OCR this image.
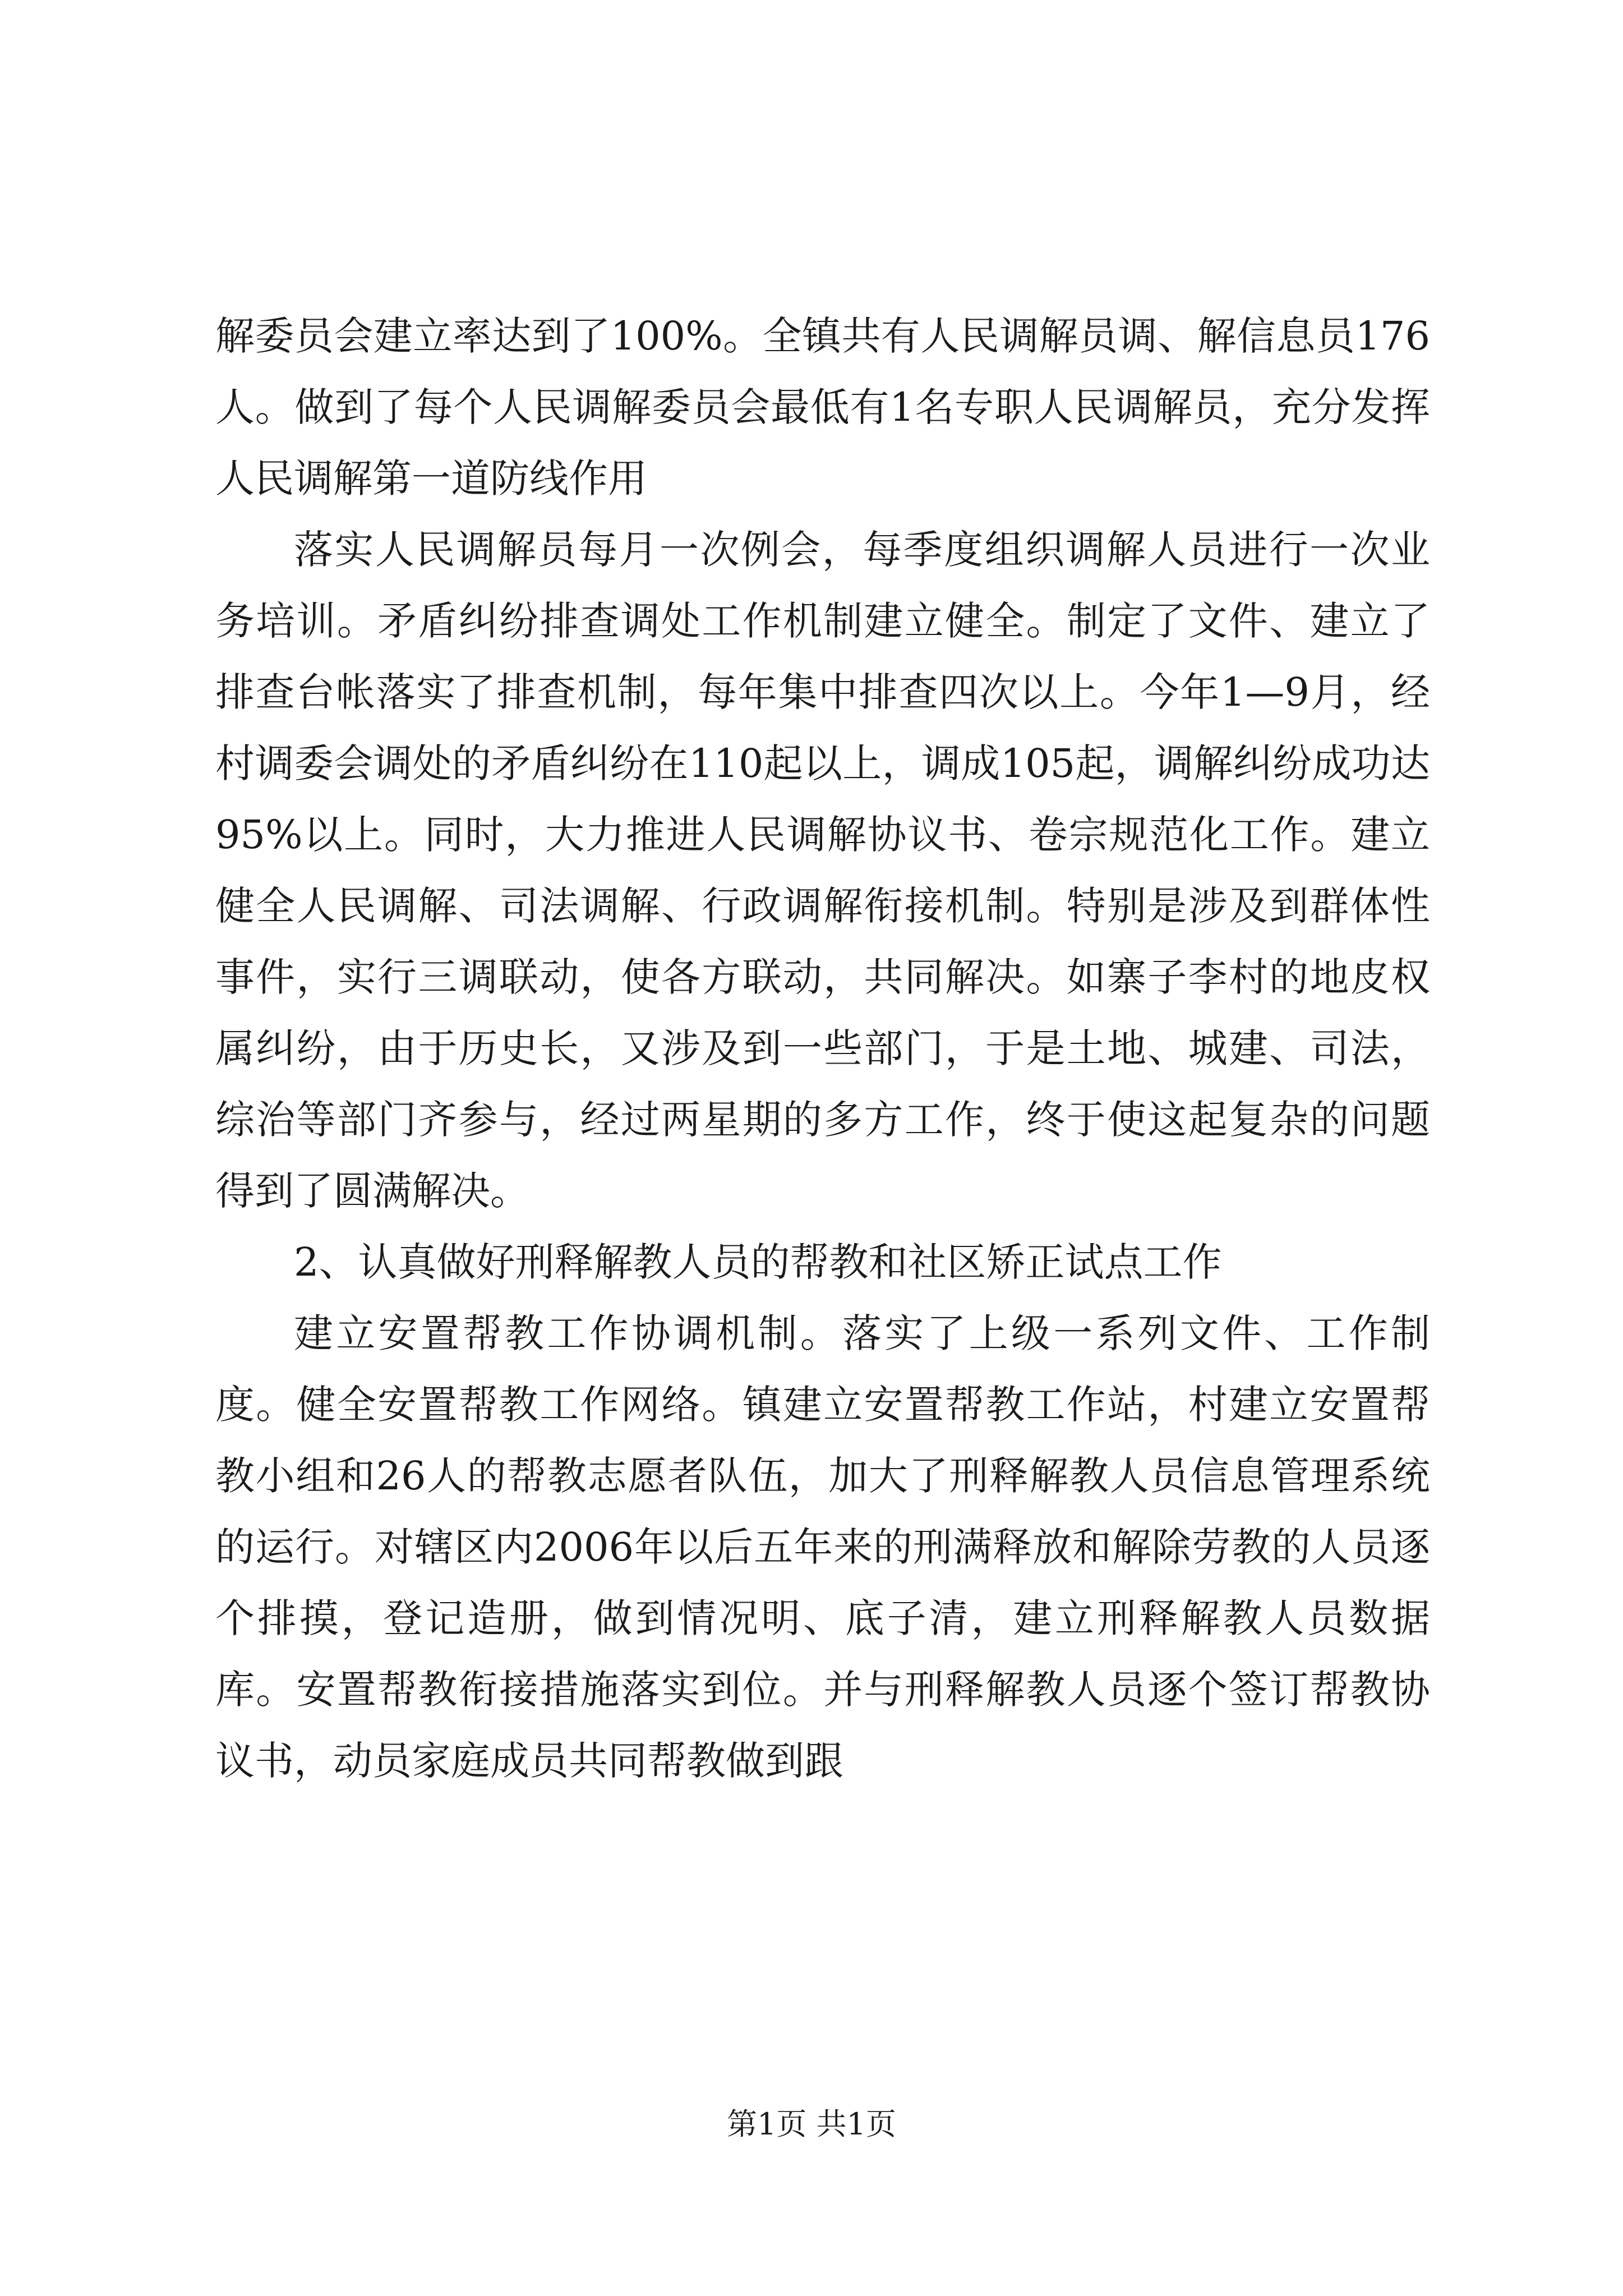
解委员会建立率达到了100%。全镇共有人民调解员调、解信息员176人。做到了每个人民调解委员会最低有1名专职人民调解员，充分发挥人民调解第一道防线作用

落实人民调解员每月一次例会，每季度组织调解人员进行一次业务培训。矛盾纠纷排查调处工作机制建立健全。制定了文件、建立了排查台帐落实了排查机制，每年集中排查四次以上。今年1—9月，经村调委会调处的矛盾纠纷在110起以上，调成105起，调解纠纷成功达95%以上。同时，大力推进人民调解协议书、卷宗规范化工作。建立健全人民调解、司法调解、行政调解衔接机制。特别是涉及到群体性事件，实行三调联动，使各方联动，共同解决。如寨子李村的地皮权属纠纷，由于历史长，又涉及到一些部门，于是土地、城建、司法，综治等部门齐参与，经过两星期的多方工作，终于使这起复杂的问题得到了圆满解决。

2、认真做好刑释解教人员的帮教和社区矫正试点工作

建立安置帮教工作协调机制。落实了上级一系列文件、工作制度。健全安置帮教工作网络。镇建立安置帮教工作站，村建立安置帮教小组和26人的帮教志愿者队伍，加大了刑释解教人员信息管理系统的运行。对辖区内2006年以后五年来的刑满释放和解除劳教的人员逐个排摸，登记造册，做到情况明、底子清，建立刑释解教人员数据库。安置帮教衔接措施落实到位。并与刑释解教人员逐个签订帮教协议书，动员家庭成员共同帮教做到跟

第1页 共1页
